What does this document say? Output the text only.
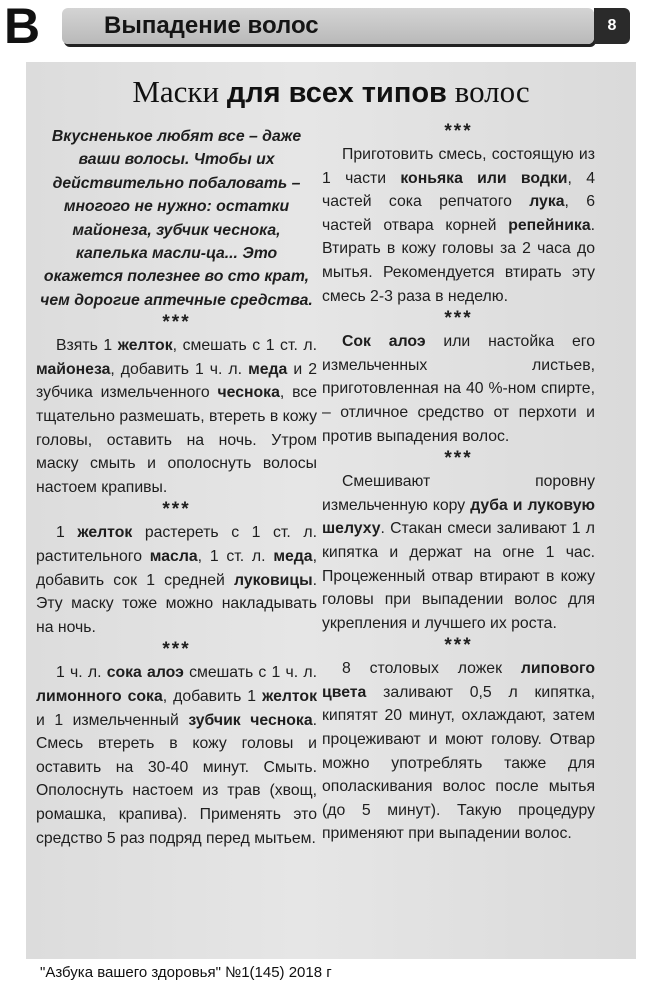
В	Выпадение волос	8
Маски для всех типов волос

Вкусненькое любят все – даже ваши волосы. Чтобы их действительно побаловать – многого не нужно: остатки майонеза, зубчик чеснока, капелька масли-ца... Это окажется полезнее во сто крат, чем дорогие аптечные средства.

***

Взять 1 желток, смешать с 1 ст. л. майонеза, добавить 1 ч. л. меда и 2 зубчика измельченного чеснока, все тщательно размешать, втереть в кожу головы, оставить на ночь. Утром маску смыть и ополоснуть волосы настоем крапивы.

***

1 желток растереть с 1 ст. л. растительного масла, 1 ст. л. меда, добавить сок 1 средней луковицы. Эту маску тоже можно накладывать на ночь.

***

1 ч. л. сока алоэ смешать с 1 ч. л. лимонного сока, добавить 1 желток и 1 измельченный зубчик чеснока. Смесь втереть в кожу головы и оставить на 30-40 минут. Смыть. Ополоснуть настоем из трав (хвощ, ромашка, крапива). Применять это средство 5 раз подряд перед мытьем.

***

Приготовить смесь, состоящую из 1 части коньяка или водки, 4 частей сока репчатого лука, 6 частей отвара корней репейника. Втирать в кожу головы за 2 часа до мытья. Рекомендуется втирать эту смесь 2-3 раза в неделю.

***

Сок алоэ или настойка его измельченных листьев, приготовленная на 40 %-ном спирте, – отличное средство от перхоти и против выпадения волос.

***

Смешивают поровну измельченную кору дуба и луковую шелуху. Стакан смеси заливают 1 л кипятка и держат на огне 1 час. Процеженный отвар втирают в кожу головы при выпадении волос для укрепления и лучшего их роста.

***

8 столовых ложек липового цвета заливают 0,5 л кипятка, кипятят 20 минут, охлаждают, затем процеживают и моют голову. Отвар можно употреблять также для ополаскивания волос после мытья (до 5 минут). Такую процедуру применяют при выпадении волос.

"Азбука вашего здоровья" №1(145) 2018 г
